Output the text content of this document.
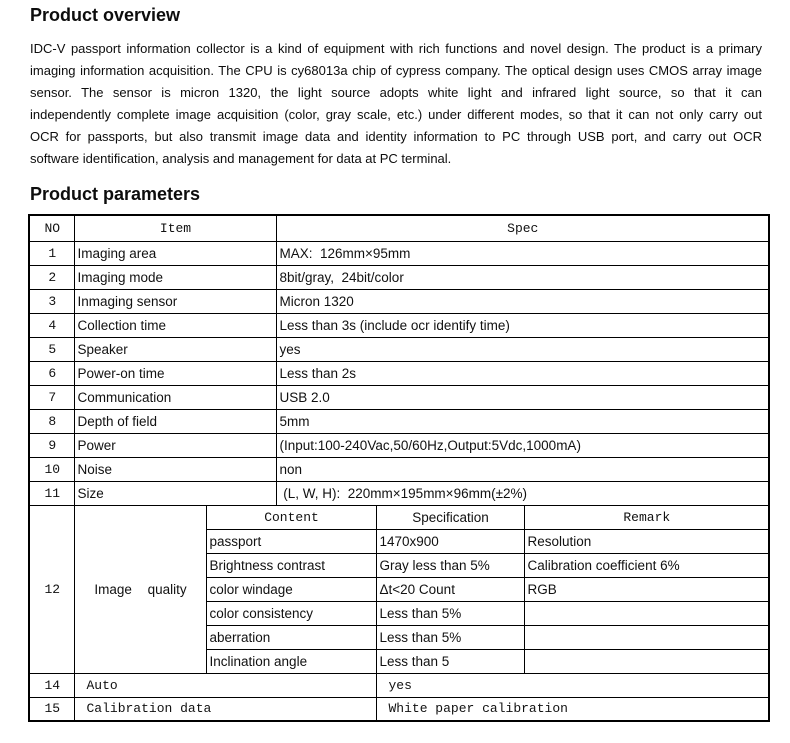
Product overview
IDC-V passport information collector is a kind of equipment with rich functions and novel design. The product is a primary
imaging information acquisition. The CPU is cy68013a chip of cypress company. The optical design uses CMOS array image
sensor. The sensor is micron 1320, the light source adopts white light and infrared light source, so that it can
independently complete image acquisition (color, gray scale, etc.) under different modes, so that it can not only carry out
OCR for passports, but also transmit image data and identity information to PC through USB port, and carry out OCR
software identification, analysis and management for data at PC terminal.
Product parameters
NO	Item		Spec		
1	Imaging area		MAX:  126mm×95mm		
2	Imaging mode		8bit/gray,  24bit/color		
3	Inmaging sensor		Micron 1320		
4	Collection time		Less than 3s (include ocr identify time)		
5	Speaker		yes		
6	Power-on time		Less than 2s		
7	Communication		USB 2.0		
8	Depth of field		5mm		
9	Power		(Input:100-240Vac,50/60Hz,Output:5Vdc,1000mA)		
10	Noise		non		
11	Size		(L, W, H):  220mm×195mm×96mm(±2%)		
12	Image quality	Content		Specification	Remark
		passport		1470x900	Resolution
		Brightness contrast		Gray less than 5%	Calibration coefficient 6%
		color windage		Δt<20 Count	RGB
		color consistency		Less than 5%	
		aberration		Less than 5%	
		Inclination angle		Less than 5	
14	Auto			yes	
15	Calibration data			White paper calibration	
